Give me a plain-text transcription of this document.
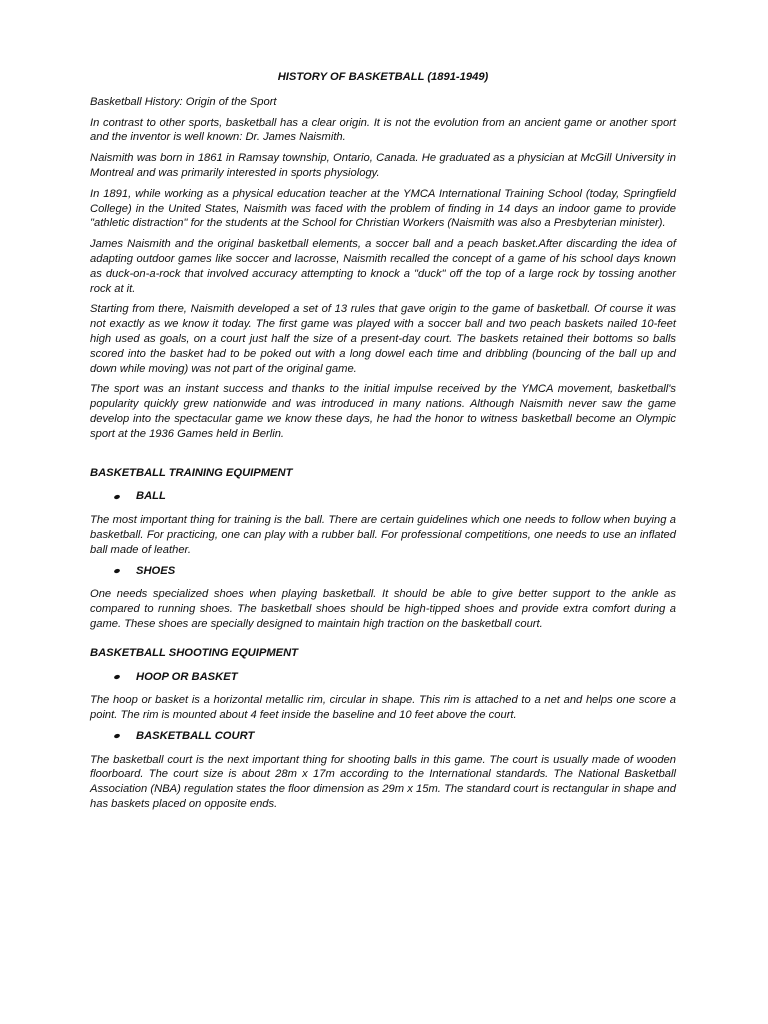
HISTORY OF BASKETBALL (1891-1949)
Basketball History: Origin of the Sport

In contrast to other sports, basketball has a clear origin. It is not the evolution from an ancient game or another sport and the inventor is well known: Dr. James Naismith.

Naismith was born in 1861 in Ramsay township, Ontario, Canada. He graduated as a physician at McGill University in Montreal and was primarily interested in sports physiology.

In 1891, while working as a physical education teacher at the YMCA International Training School (today, Springfield College) in the United States, Naismith was faced with the problem of finding in 14 days an indoor game to provide "athletic distraction" for the students at the School for Christian Workers (Naismith was also a Presbyterian minister).

James Naismith and the original basketball elements, a soccer ball and a peach basket.After discarding the idea of adapting outdoor games like soccer and lacrosse, Naismith recalled the concept of a game of his school days known as duck-on-a-rock that involved accuracy attempting to knock a "duck" off the top of a large rock by tossing another rock at it.

Starting from there, Naismith developed a set of 13 rules that gave origin to the game of basketball. Of course it was not exactly as we know it today. The first game was played with a soccer ball and two peach baskets nailed 10-feet high used as goals, on a court just half the size of a present-day court. The baskets retained their bottoms so balls scored into the basket had to be poked out with a long dowel each time and dribbling (bouncing of the ball up and down while moving) was not part of the original game.

The sport was an instant success and thanks to the initial impulse received by the YMCA movement, basketball's popularity quickly grew nationwide and was introduced in many nations. Although Naismith never saw the game develop into the spectacular game we know these days, he had the honor to witness basketball become an Olympic sport at the 1936 Games held in Berlin.

BASKETBALL TRAINING EQUIPMENT
BALL

The most important thing for training is the ball. There are certain guidelines which one needs to follow when buying a basketball. For practicing, one can play with a rubber ball. For professional competitions, one needs to use an inflated ball made of leather.

SHOES

One needs specialized shoes when playing basketball. It should be able to give better support to the ankle as compared to running shoes. The basketball shoes should be high-tipped shoes and provide extra comfort during a game. These shoes are specially designed to maintain high traction on the basketball court.

BASKETBALL SHOOTING EQUIPMENT
HOOP OR BASKET

The hoop or basket is a horizontal metallic rim, circular in shape. This rim is attached to a net and helps one score a point. The rim is mounted about 4 feet inside the baseline and 10 feet above the court.

BASKETBALL COURT

The basketball court is the next important thing for shooting balls in this game. The court is usually made of wooden floorboard. The court size is about 28m x 17m according to the International standards. The National Basketball Association (NBA) regulation states the floor dimension as 29m x 15m. The standard court is rectangular in shape and has baskets placed on opposite ends.
